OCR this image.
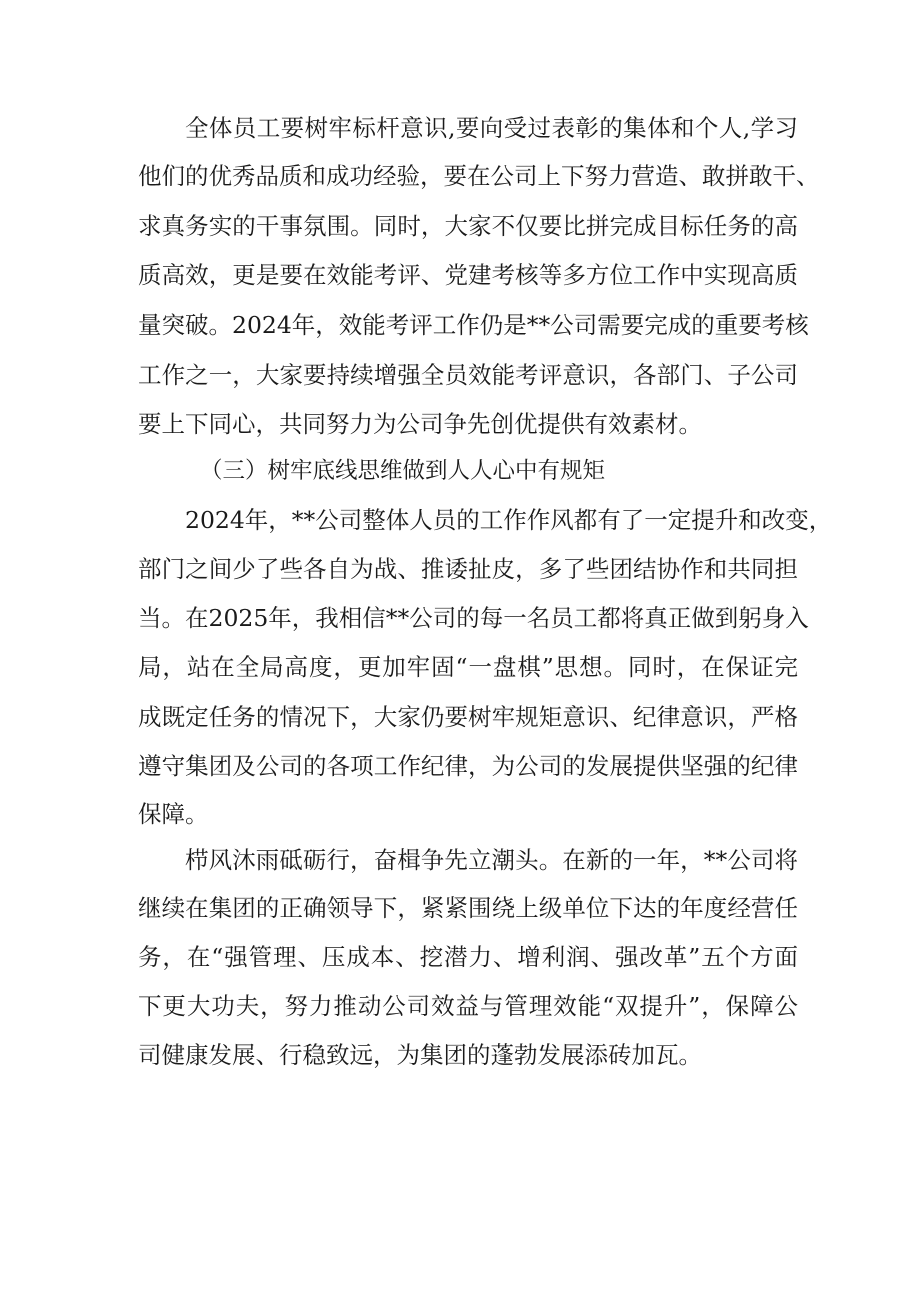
全体员工要树牢标杆意识,要向受过表彰的集体和个人,学习
他们的优秀品质和成功经验，要在公司上下努力营造、敢拼敢干、
求真务实的干事氛围。同时，大家不仅要比拼完成目标任务的高
质高效，更是要在效能考评、党建考核等多方位工作中实现高质
量突破。2024年，效能考评工作仍是**公司需要完成的重要考核
工作之一，大家要持续增强全员效能考评意识，各部门、子公司
要上下同心，共同努力为公司争先创优提供有效素材。
（三）树牢底线思维做到人人心中有规矩
2024年，**公司整体人员的工作作风都有了一定提升和改变，
部门之间少了些各自为战、推诿扯皮，多了些团结协作和共同担
当。在2025年，我相信**公司的每一名员工都将真正做到躬身入
局，站在全局高度，更加牢固“一盘棋”思想。同时，在保证完
成既定任务的情况下，大家仍要树牢规矩意识、纪律意识，严格
遵守集团及公司的各项工作纪律，为公司的发展提供坚强的纪律
保障。
栉风沐雨砥砺行，奋楫争先立潮头。在新的一年，**公司将
继续在集团的正确领导下，紧紧围绕上级单位下达的年度经营任
务，在“强管理、压成本、挖潜力、增利润、强改革”五个方面
下更大功夫，努力推动公司效益与管理效能“双提升”，保障公
司健康发展、行稳致远，为集团的蓬勃发展添砖加瓦。
